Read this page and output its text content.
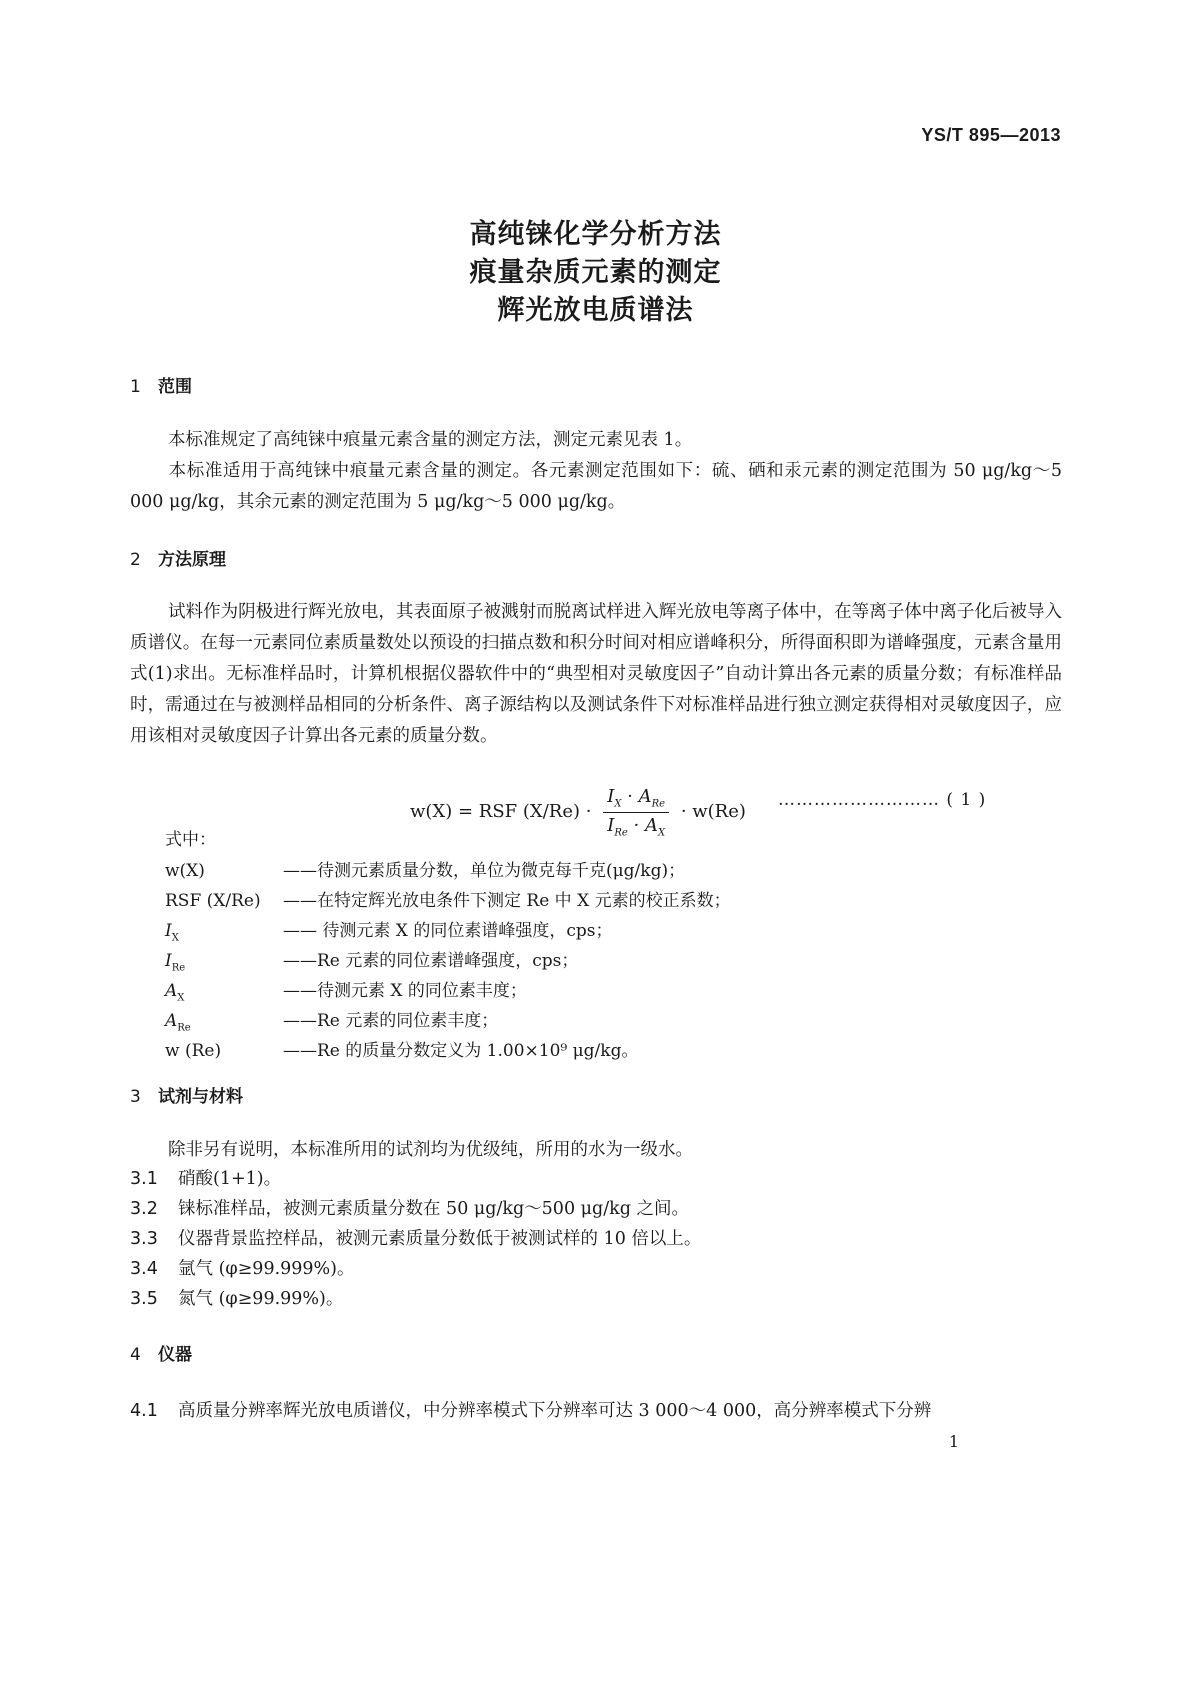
YS/T 895—2013
高纯铼化学分析方法
痕量杂质元素的测定
辉光放电质谱法
1 范围
本标准规定了高纯铼中痕量元素含量的测定方法，测定元素见表 1。
本标准适用于高纯铼中痕量元素含量的测定。各元素测定范围如下：硫、硒和汞元素的测定范围为 50 μg/kg～5 000 μg/kg，其余元素的测定范围为 5 μg/kg～5 000 μg/kg。
2 方法原理
试料作为阴极进行辉光放电，其表面原子被溅射而脱离试样进入辉光放电等离子体中，在等离子体中离子化后被导入质谱仪。在每一元素同位素质量数处以预设的扫描点数和积分时间对相应谱峰积分，所得面积即为谱峰强度，元素含量用式(1)求出。无标准样品时，计算机根据仪器软件中的“典型相对灵敏度因子”自动计算出各元素的质量分数；有标准样品时，需通过在与被测样品相同的分析条件、离子源结构以及测试条件下对标准样品进行独立测定获得相对灵敏度因子，应用该相对灵敏度因子计算出各元素的质量分数。
w(X) = RSF $(X/Re) \cdot \frac{I_X \cdot A_{Re}}{I_{Re} \cdot A_X} \cdot w(Re)$
……………………… ( 1 )
式中：
w(X)	——待测元素质量分数，单位为微克每千克(μg/kg)；
RSF (X/Re) ——在特定辉光放电条件下测定 Re 中 X 元素的校正系数；
$I_X$	—— 待测元素 X 的同位素谱峰强度，cps；
$I_{Re}$	——Re 元素的同位素谱峰强度，cps；
$A_X$	——待测元素 X 的同位素丰度；
$A_{Re}$	——Re 元素的同位素丰度；
w (Re)	——Re 的质量分数定义为 1.00×10⁹ μg/kg。
3 试剂与材料
除非另有说明，本标准所用的试剂均为优级纯，所用的水为一级水。
3.1 硝酸(1+1)。
3.2 铼标准样品，被测元素质量分数在 50 μg/kg～500 μg/kg 之间。
3.3 仪器背景监控样品，被测元素质量分数低于被测试样的 10 倍以上。
3.4 氩气 (φ≥99.999%)。
3.5 氮气 (φ≥99.99%)。
4 仪器
4.1 高质量分辨率辉光放电质谱仪，中分辨率模式下分辨率可达 3 000～4 000，高分辨率模式下分辨
1
